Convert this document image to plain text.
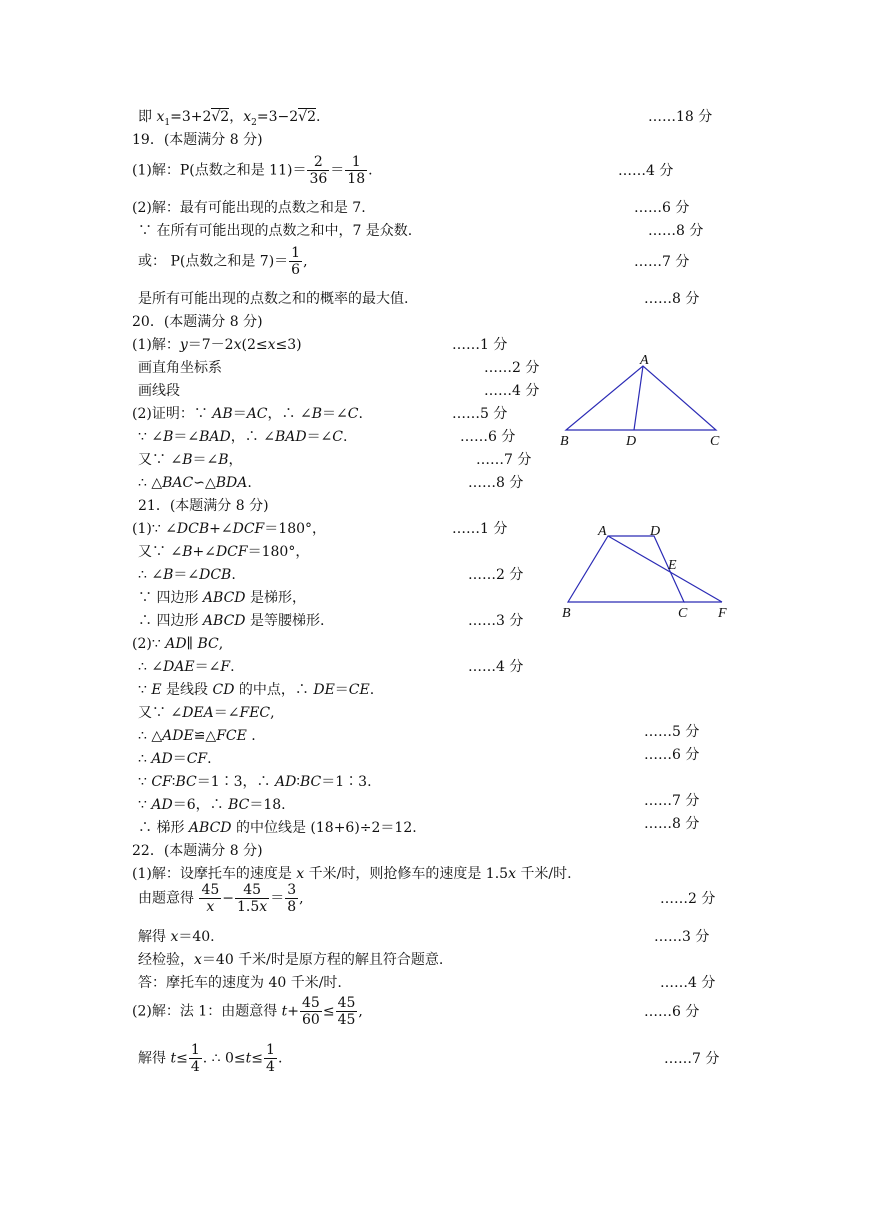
即 $x_1=3+2√2$，$x_2=3-2√2$.	……18 分
19．(本题满分 8 分)
(1)解：P(点数之和是 $11)= \frac{2}{36} = \frac{1}{18}$ .	……4 分
(2)解：最有可能出现的点数之和是 7.	……6 分
∵ 在所有可能出现的点数之和中，7 是众数.	……8 分
或： P(点数之和是 $7)= \frac{1}{6}$ ,	……7 分
是所有可能出现的点数之和的概率的最大值.	……8 分
20．(本题满分 8 分)
(1)解：y＝7－2x(2≤x≤3)	……1 分
画直角坐标系	……2 分
画线段	……4 分
(2)证明：∵ AB＝AC，∴ ∠B＝∠C.	……5 分
∵ ∠B＝∠BAD，∴ ∠BAD＝∠C.	……6 分
又∵ ∠B＝∠B，	……7 分
∴ △BAC∽△BDA.	……8 分
A
B	D	C
21．(本题满分 8 分)
(1)∵ ∠DCB+∠DCF＝180°，	……1 分
又∵ ∠B+∠DCF＝180°，
∴ ∠B＝∠DCB.	……2 分
∵ 四边形 ABCD 是梯形，
∴ 四边形 ABCD 是等腰梯形.	……3 分
(2)∵ AD∥ BC,
∴ ∠DAE＝∠F.	……4 分
∵ E 是线段 CD 的中点，∴ DE＝CE.
又∵ ∠DEA＝∠FEC,
∴ △ADE≌△FCE .	……5 分
∴ AD＝CF.	……6 分
∵ CF∶BC＝1∶3，∴ AD∶BC＝1∶3.
∵ AD＝6，∴ BC＝18.	……7 分
∴ 梯形 ABCD 的中位线是 (18+6)÷2＝12.	……8 分
A	D
E
B	C F
22．(本题满分 8 分)
(1)解：设摩托车的速度是 x 千米/时，则抢修车的速度是 1.5x 千米/时.
由题意得 $\frac{45}{x} - \frac{45}{1.5x} = \frac{3}{8}$ ,	……2 分
解得 x＝40.	……3 分
经检验，x＝40 千米/时是原方程的解且符合题意.
答：摩托车的速度为 40 千米/时.	……4 分
(2)解：法 1：由题意得 $t+ \frac{45}{60} \le \frac{45}{45}$ ,	……6 分
解得 $t\le \frac{1}{4}$ . ∴ $0\le t\le \frac{1}{4}$ .	……7 分
